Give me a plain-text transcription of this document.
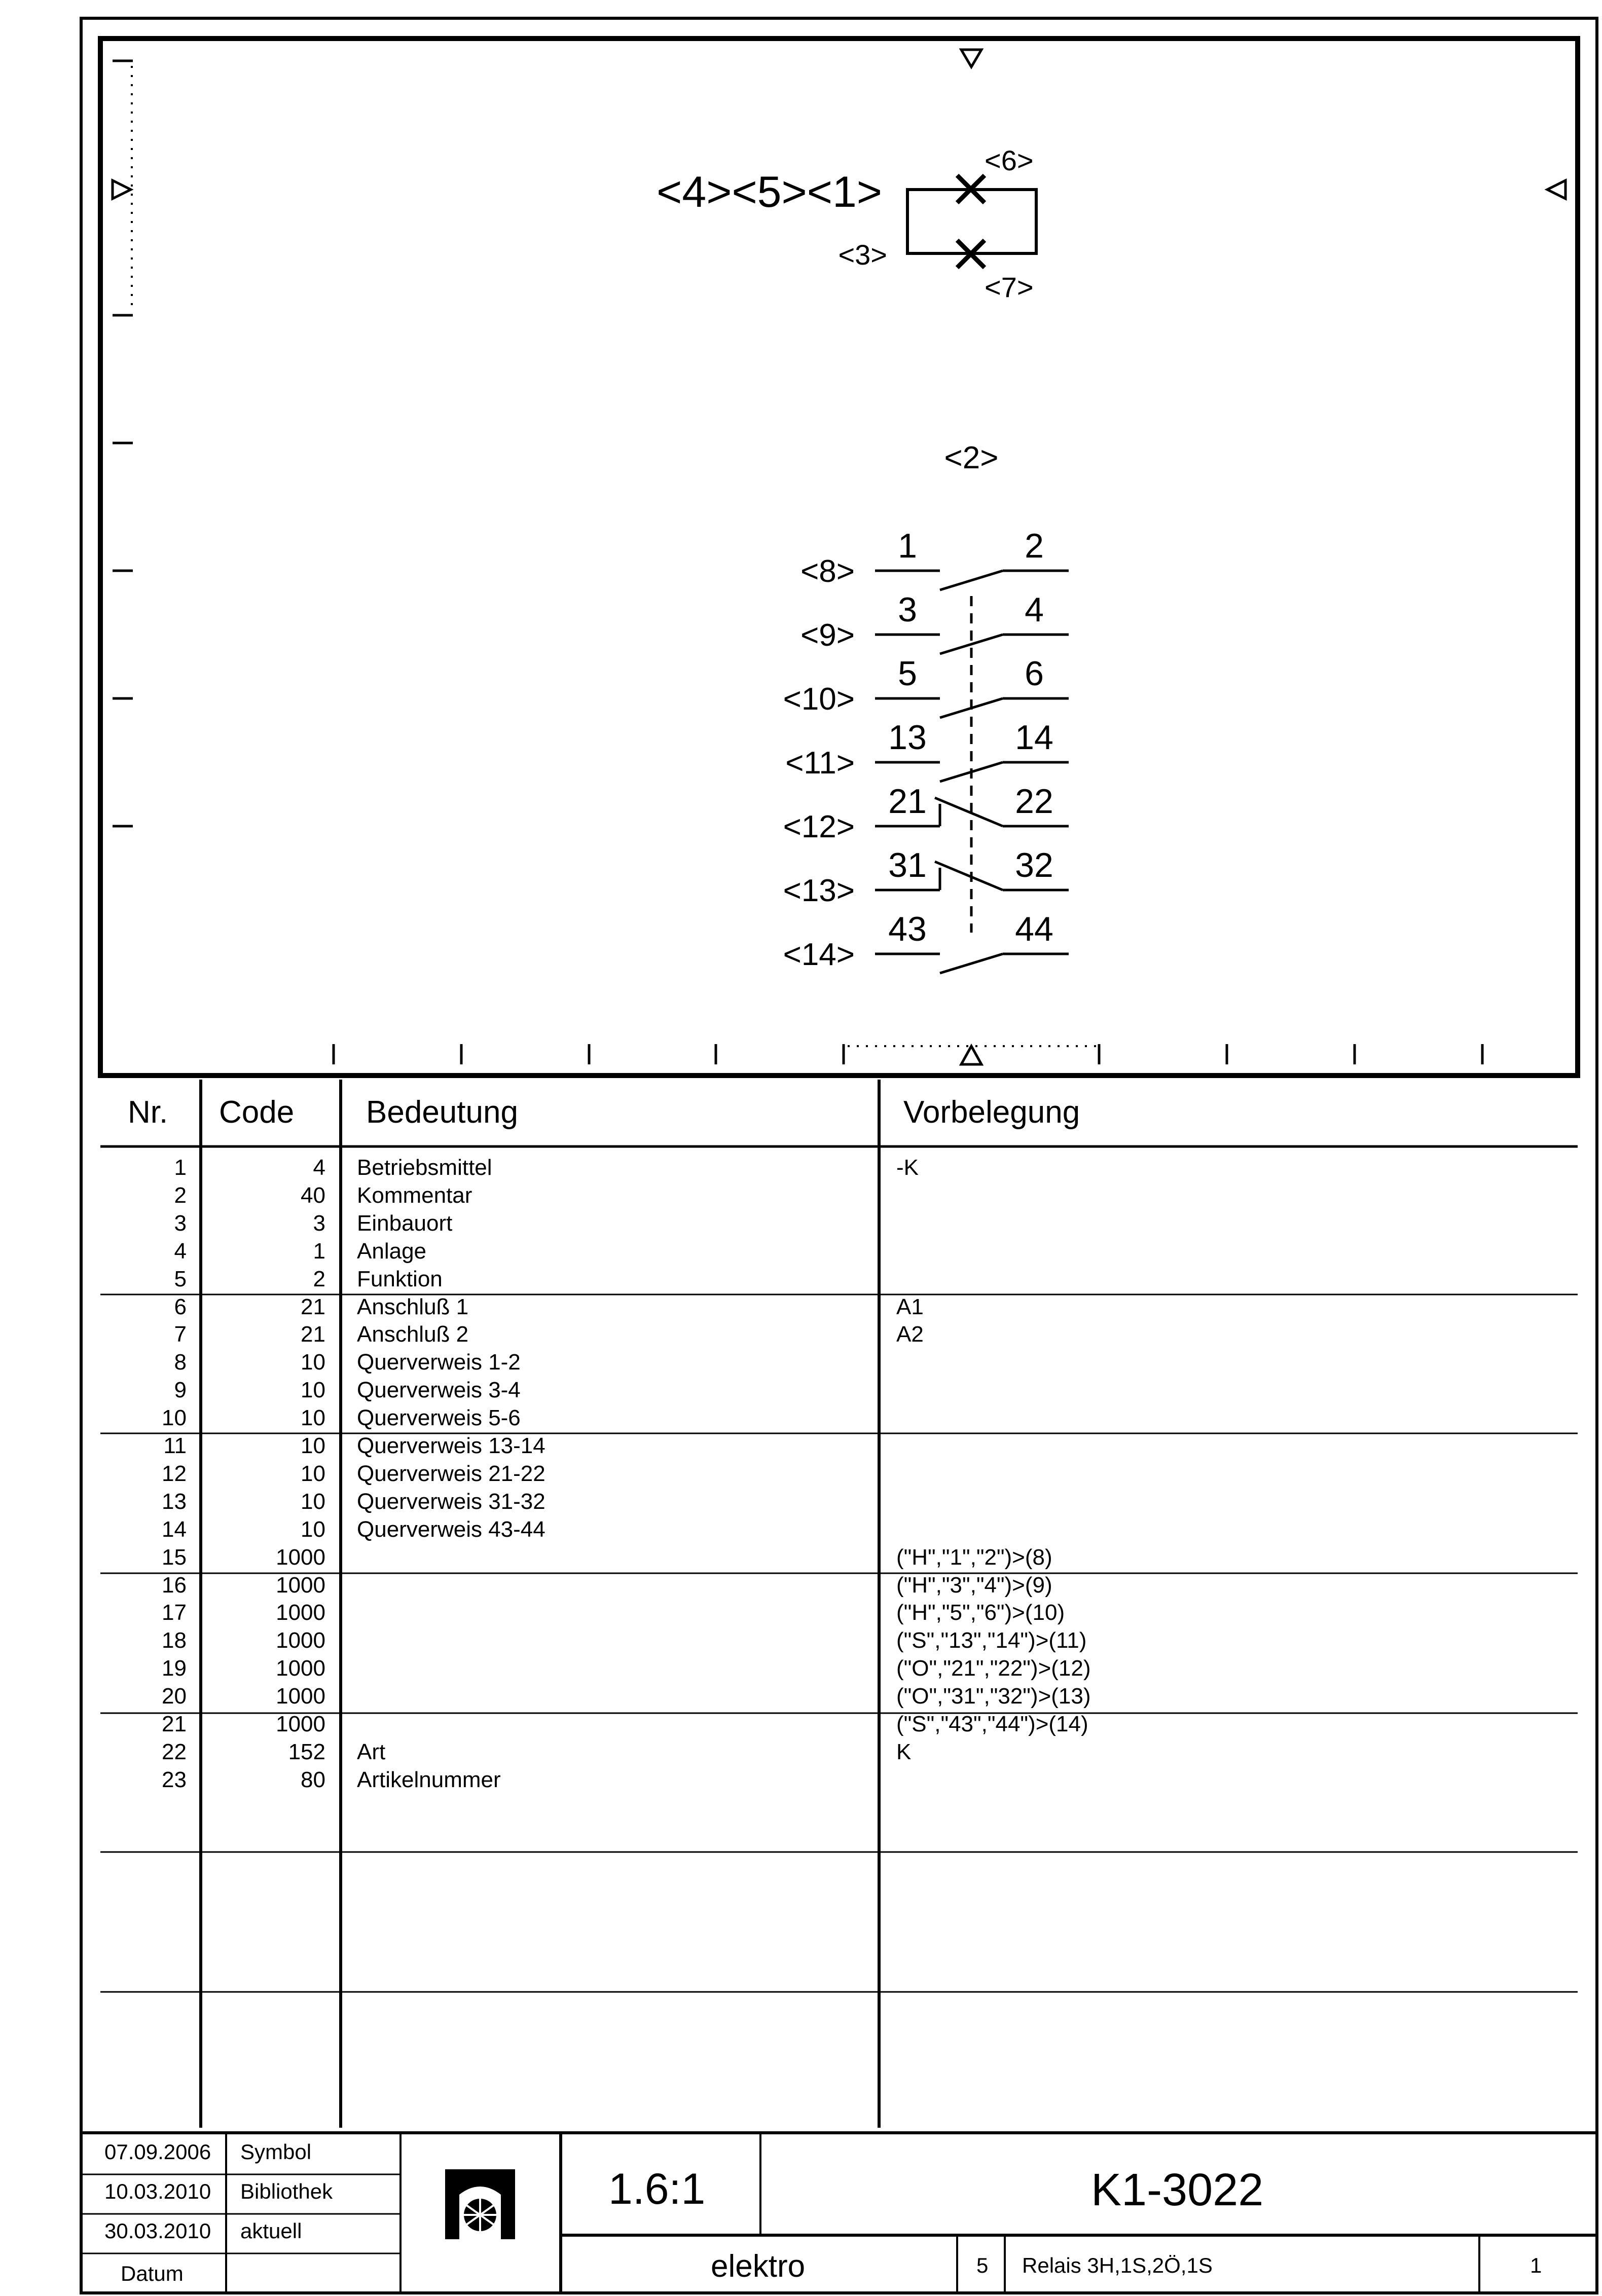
<4><5><1>
<3>
<6>
<7>
<2>
<8>
1	2
<9>
3	4
<10>
5	6
<11>
13	14
<12>
21	22
<13>
31	32
<14>
43	44
Nr. Code Bedeutung	Vorbelegung
1	4 Betriebsmittel	-K
2	40 Kommentar
3	3 Einbauort
4	1 Anlage
5	2 Funktion
6	21 Anschluß 1	A1
7	21 Anschluß 2	A2
8	10 Querverweis 1-2
9	10 Querverweis 3-4
10	10 Querverweis 5-6
11	10 Querverweis 13-14
12	10 Querverweis 21-22
13	10 Querverweis 31-32
14	10 Querverweis 43-44
15	1000	("H","1","2")>(8)
16	1000	("H","3","4")>(9)
17	1000	("H","5","6")>(10)
18	1000	("S","13","14")>(11)
19	1000	("O","21","22")>(12)
20	1000	("O","31","32")>(13)
21	1000	("S","43","44")>(14)
22	152 Art	K
23	80 Artikelnummer
07.09.2006 Symbol
10.03.2010 Bibliothek
30.03.2010 aktuell
Datum
1.6:1	K1-3022
elektro	5 Relais 3H,1S,2Ö,1S	1
